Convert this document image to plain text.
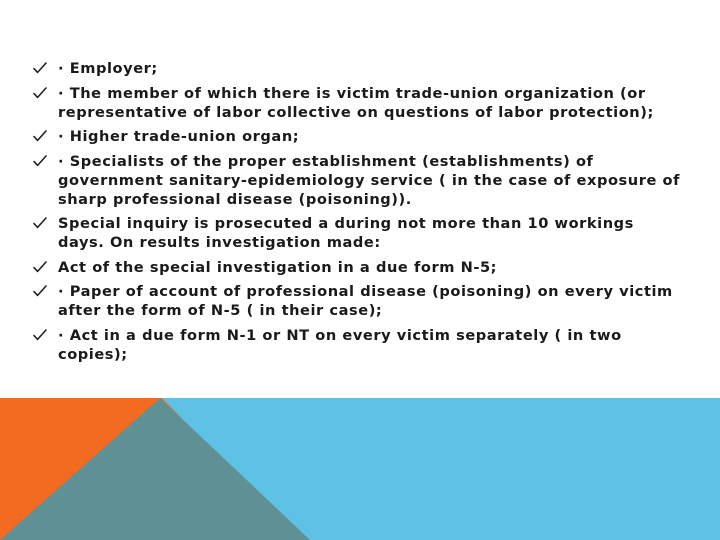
· Employer;
· The member of which there is victim trade-union organization (or representative of labor collective on questions of labor protection);
· Higher trade-union organ;
· Specialists of the proper establishment (establishments) of government sanitary-epidemiology service ( in the case of exposure of sharp professional disease (poisoning)).
Special inquiry is prosecuted a during not more than 10 workings days. On results investigation made:
Act of the special investigation in a due form N-5;
· Paper of account of professional disease (poisoning) on every victim after the form of N-5 ( in their case);
· Act in a due form N-1 or NT on every victim separately ( in two copies);
